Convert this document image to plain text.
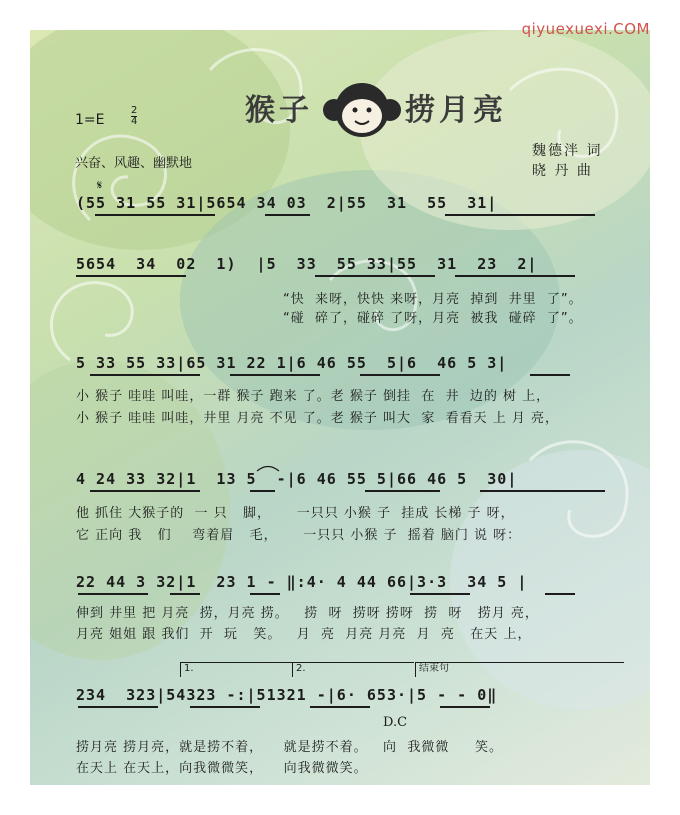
qiyuexuexi.COM
猴子	捞月亮
1=E	$\frac{2}{4}$
兴奋、风趣、幽默地
魏德泮 词
晓 丹 曲
𝄋
(55 31 55 31|5654 34 03  2|55  31  55  31|
5654  34  02  1)  |5  33  55 33|55  31  23  2|
“快  来呀，快快 来呀，月亮  掉到  井里  了”。
“碰  碎了，碰碎 了呀，月亮  被我  碰碎  了”。
5 33 55 33|65 31 22 1|6 46 55  5|6  46 5 3|
小 猴子 哇哇 叫哇，一群 猴子 跑来 了。老 猴子 倒挂  在  井  边的 树 上，
小 猴子 哇哇 叫哇，井里 月亮 不见 了。老 猴子 叫大  家  看看天 上 月 亮，
4 24 33 32|1  13 5  -|6 46 55 5|66 46 5  30|
他 抓住 大猴子的  一 只   脚，     一只只 小猴 子  挂成 长梯 子 呀，
它 正向 我   们    弯着眉   毛，     一只只 小猴 子  摇着 脑门 说 呀：
22 44 3 32|1  23 1 - ‖:4· 4 44 66|3·3  34 5 |
伸到 井里 把 月亮  捞，月亮 捞。   捞  呀  捞呀 捞呀  捞  呀   捞月 亮，
月亮 姐姐 跟 我们  开  玩   笑。   月  亮  月亮 月亮  月  亮   在天 上，
1.	2.	结束句
234  323|54323 -:|51321 -|6· 653·|5 - - 0‖
D.C
捞月亮 捞月亮，就是捞不着，    就是捞不着。   向  我微微     笑。
在天上 在天上，向我微微笑，    向我微微笑。
